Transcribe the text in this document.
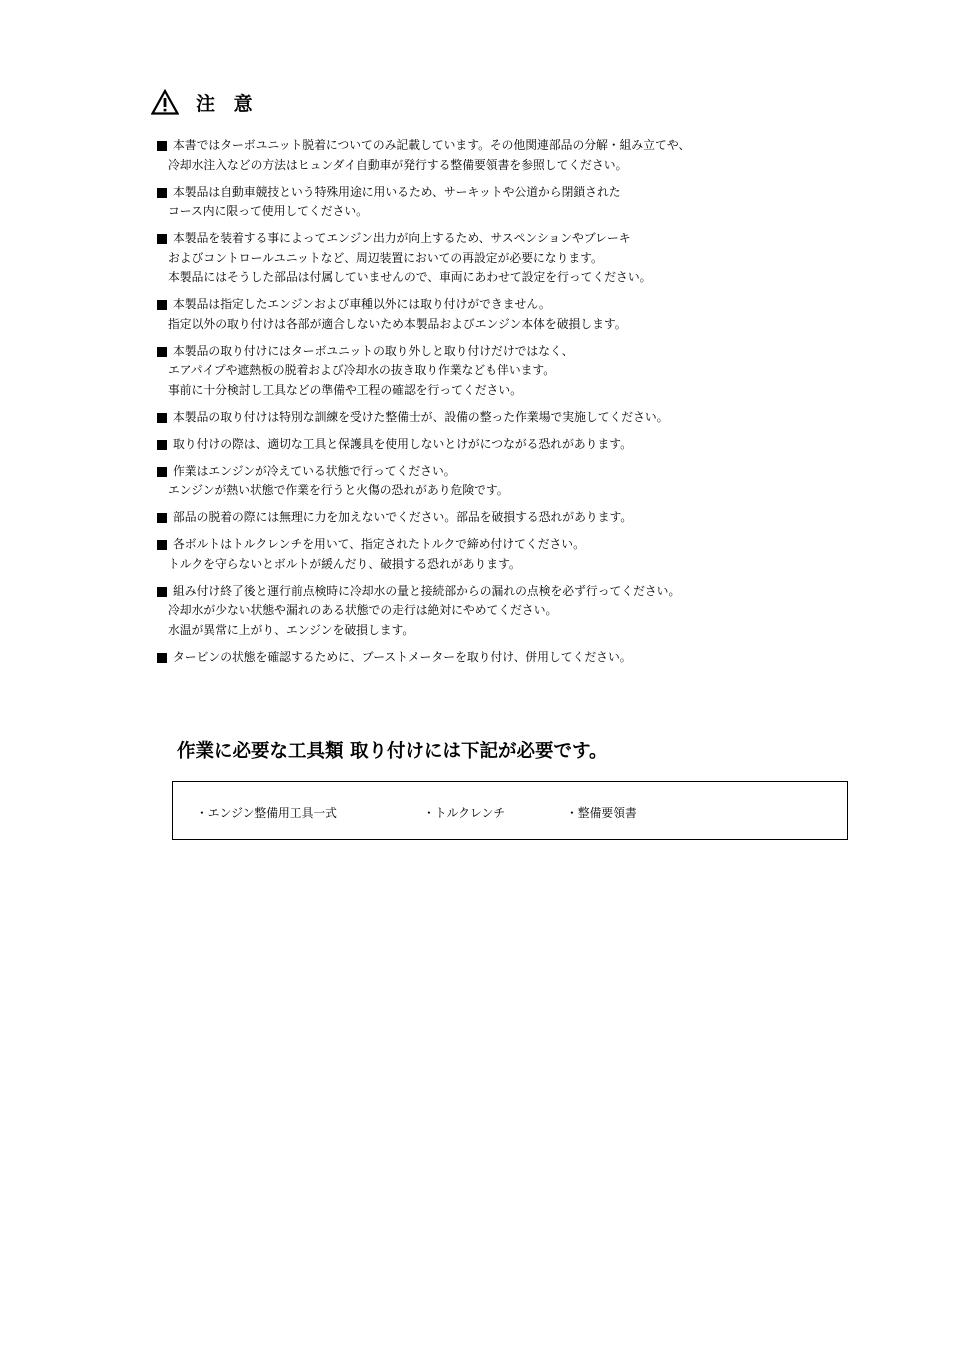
注 意
本書ではターボユニット脱着についてのみ記載しています。その他関連部品の分解・組み立てや、
冷却水注入などの方法はヒュンダイ自動車が発行する整備要領書を参照してください。
本製品は自動車競技という特殊用途に用いるため、サーキットや公道から閉鎖された
コース内に限って使用してください。
本製品を装着する事によってエンジン出力が向上するため、サスペンションやブレーキ
およびコントロールユニットなど、周辺装置においての再設定が必要になります。
本製品にはそうした部品は付属していませんので、車両にあわせて設定を行ってください。
本製品は指定したエンジンおよび車種以外には取り付けができません。
指定以外の取り付けは各部が適合しないため本製品およびエンジン本体を破損します。
本製品の取り付けにはターボユニットの取り外しと取り付けだけではなく、
エアパイプや遮熱板の脱着および冷却水の抜き取り作業なども伴います。
事前に十分検討し工具などの準備や工程の確認を行ってください。
本製品の取り付けは特別な訓練を受けた整備士が、設備の整った作業場で実施してください。
取り付けの際は、適切な工具と保護具を使用しないとけがにつながる恐れがあります。
作業はエンジンが冷えている状態で行ってください。
エンジンが熱い状態で作業を行うと火傷の恐れがあり危険です。
部品の脱着の際には無理に力を加えないでください。部品を破損する恐れがあります。
各ボルトはトルクレンチを用いて、指定されたトルクで締め付けてください。
トルクを守らないとボルトが緩んだり、破損する恐れがあります。
組み付け終了後と運行前点検時に冷却水の量と接続部からの漏れの点検を必ず行ってください。
冷却水が少ない状態や漏れのある状態での走行は絶対にやめてください。
水温が異常に上がり、エンジンを破損します。
タービンの状態を確認するために、ブーストメーターを取り付け、併用してください。
作業に必要な工具類 取り付けには下記が必要です。
・エンジン整備用工具一式	・トルクレンチ	・整備要領書
